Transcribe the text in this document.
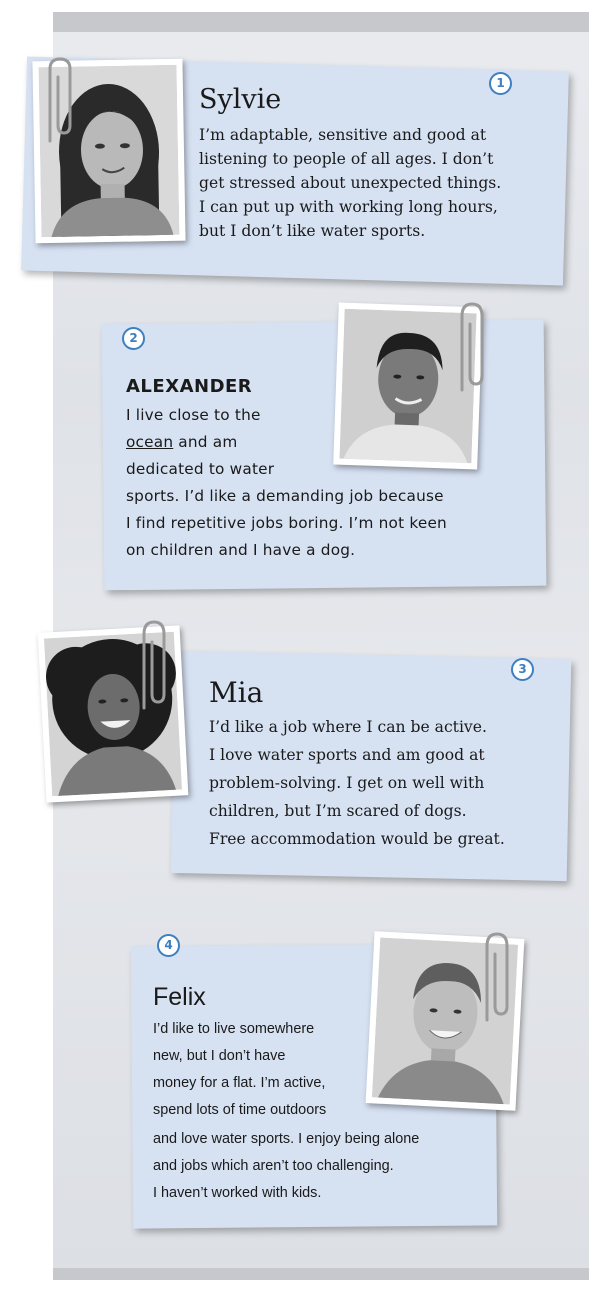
1
Sylvie
I’m adaptable, sensitive and good at
listening to people of all ages. I don’t
get stressed about unexpected things.
I can put up with working long hours,
but I don’t like water sports.
2
ALEXANDER
I live close to the
ocean and am
dedicated to water
sports. I’d like a demanding job because
I find repetitive jobs boring. I’m not keen
on children and I have a dog.
3
Mia
I’d like a job where I can be active.
I love water sports and am good at
problem-solving. I get on well with
children, but I’m scared of dogs.
Free accommodation would be great.
4
Felix
I’d like to live somewhere
new, but I don’t have
money for a flat. I’m active,
spend lots of time outdoors
and love water sports. I enjoy being alone
and jobs which aren’t too challenging.
I haven’t worked with kids.
